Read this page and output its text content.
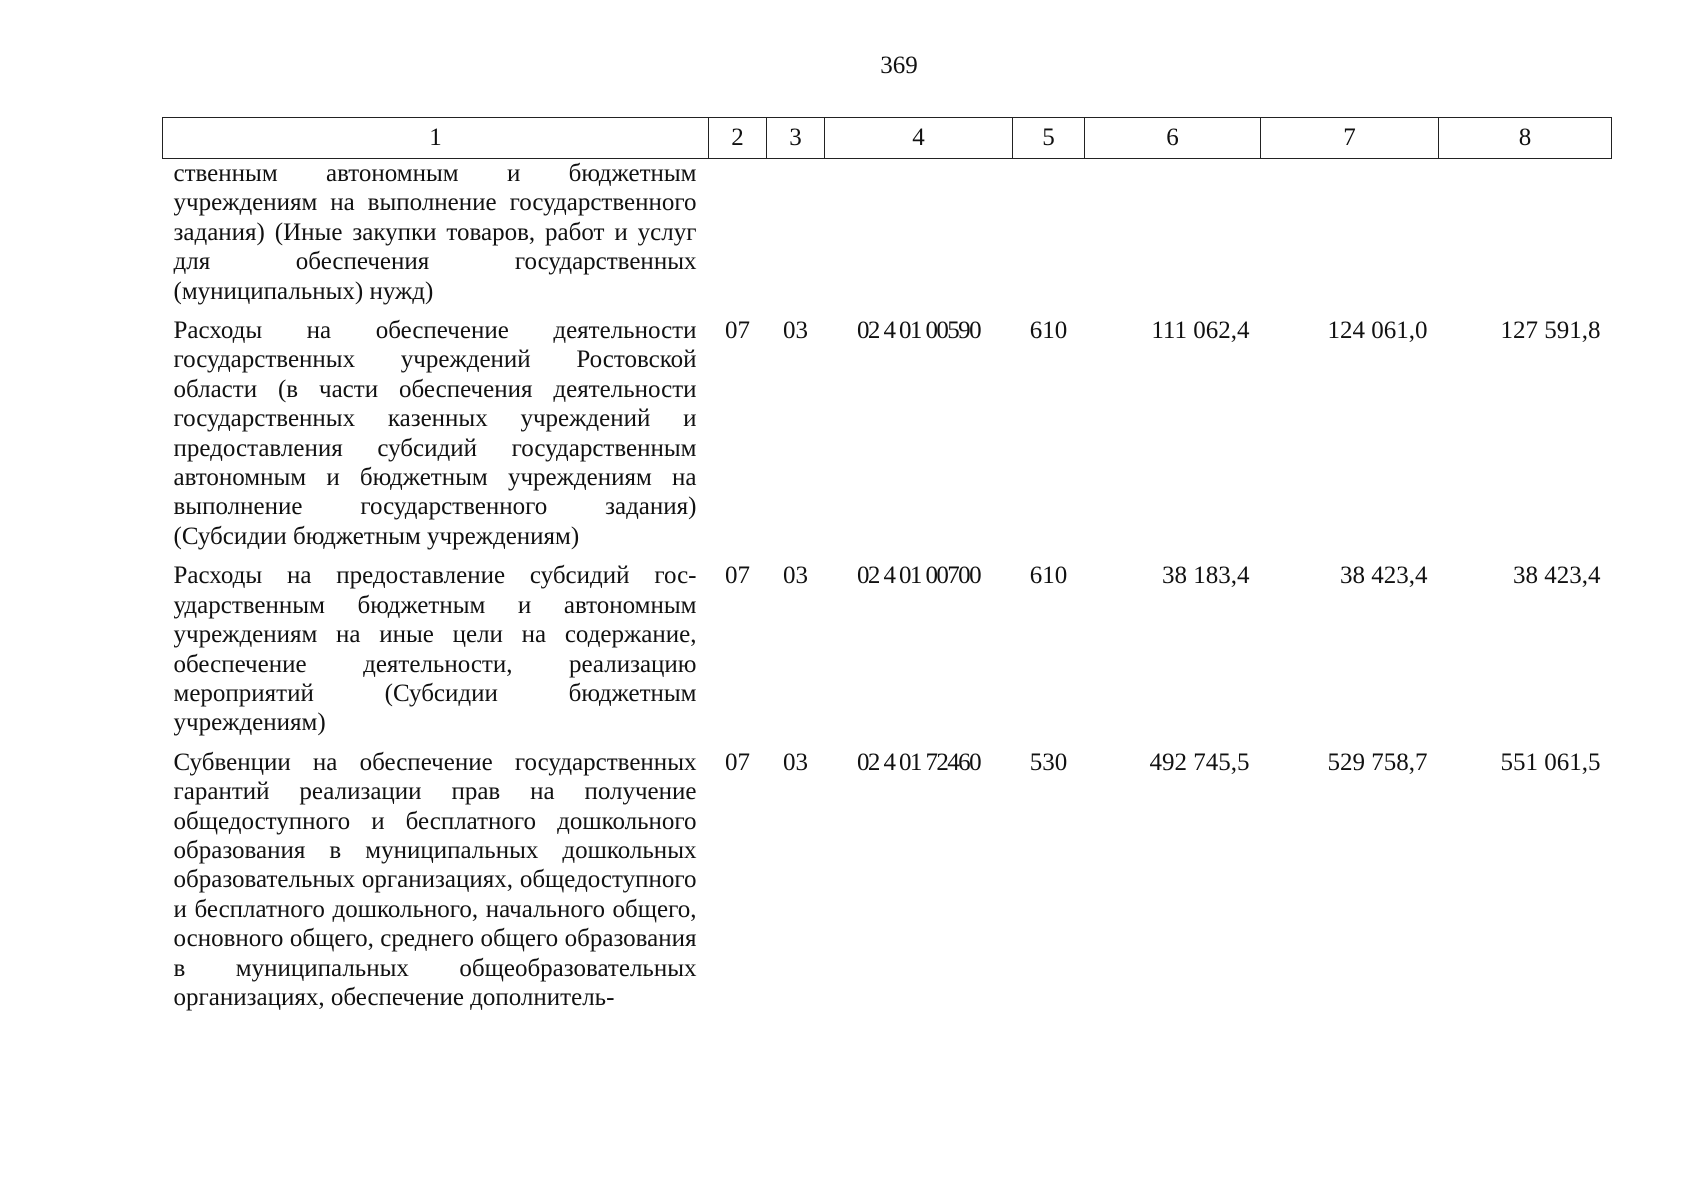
369
1	2	3	4	5	6	7	8
ственным автономным и бюджетным учреждениям на выполнение государственного задания) (Иные закупки товаров, работ и услуг для обеспечения государственных (муниципальных) нужд)							
Расходы на обеспечение деятельности государственных учреждений Ростовской области (в части обеспечения деятельности государственных казенных учреждений и предоставления субсидий государственным автономным и бюджетным учреждениям на выполнение государственного задания) (Субсидии бюджетным учреждениям)	07	03	02 4 01 00590	610	111 062,4	124 061,0	127 591,8
Расходы на предоставление субсидий государственным бюджетным и автономным учреждениям на иные цели на содержание, обеспечение деятельности, реализацию мероприятий (Субсидии бюджетным учреждениям)	07	03	02 4 01 00700	610	38 183,4	38 423,4	38 423,4
Субвенции на обеспечение государственных гарантий реализации прав на получение общедоступного и бесплатного дошкольного образования в муниципальных дошкольных образовательных организациях, общедоступного и бесплатного дошкольного, начального общего, основного общего, среднего общего образования в муниципальных общеобразовательных организациях, обеспечение дополнитель-	07	03	02 4 01 72460	530	492 745,5	529 758,7	551 061,5
